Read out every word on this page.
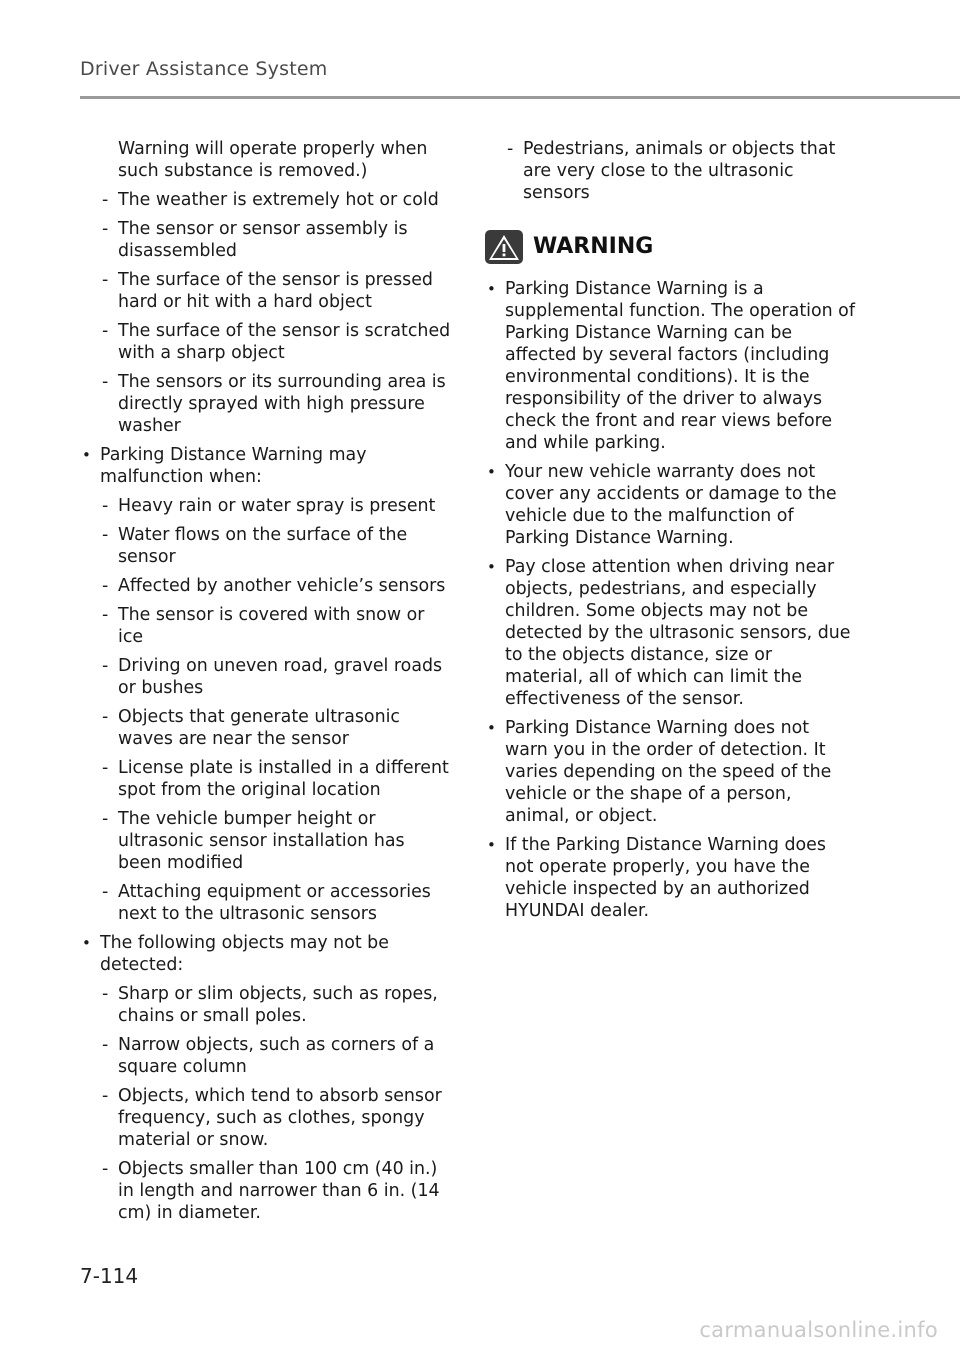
Driver Assistance System
Warning will operate properly when such substance is removed.)
- The weather is extremely hot or cold
- The sensor or sensor assembly is disassembled
- The surface of the sensor is pressed hard or hit with a hard object
- The surface of the sensor is scratched with a sharp object
- The sensors or its surrounding area is directly sprayed with high pressure washer
• Parking Distance Warning may malfunction when:
- Heavy rain or water spray is present
- Water flows on the surface of the sensor
- Affected by another vehicle’s sensors
- The sensor is covered with snow or ice
- Driving on uneven road, gravel roads or bushes
- Objects that generate ultrasonic waves are near the sensor
- License plate is installed in a different spot from the original location
- The vehicle bumper height or ultrasonic sensor installation has been modified
- Attaching equipment or accessories next to the ultrasonic sensors
• The following objects may not be detected:
- Sharp or slim objects, such as ropes, chains or small poles.
- Narrow objects, such as corners of a square column
- Objects, which tend to absorb sensor frequency, such as clothes, spongy material or snow.
- Objects smaller than 100 cm (40 in.) in length and narrower than 6 in. (14 cm) in diameter.
- Pedestrians, animals or objects that are very close to the ultrasonic sensors
WARNING
• Parking Distance Warning is a supplemental function. The operation of Parking Distance Warning can be affected by several factors (including environmental conditions). It is the responsibility of the driver to always check the front and rear views before and while parking.
• Your new vehicle warranty does not cover any accidents or damage to the vehicle due to the malfunction of Parking Distance Warning.
• Pay close attention when driving near objects, pedestrians, and especially children. Some objects may not be detected by the ultrasonic sensors, due to the objects distance, size or material, all of which can limit the effectiveness of the sensor.
• Parking Distance Warning does not warn you in the order of detection. It varies depending on the speed of the vehicle or the shape of a person, animal, or object.
• If the Parking Distance Warning does not operate properly, you have the vehicle inspected by an authorized HYUNDAI dealer.
7-114
carmanualsonline.info
